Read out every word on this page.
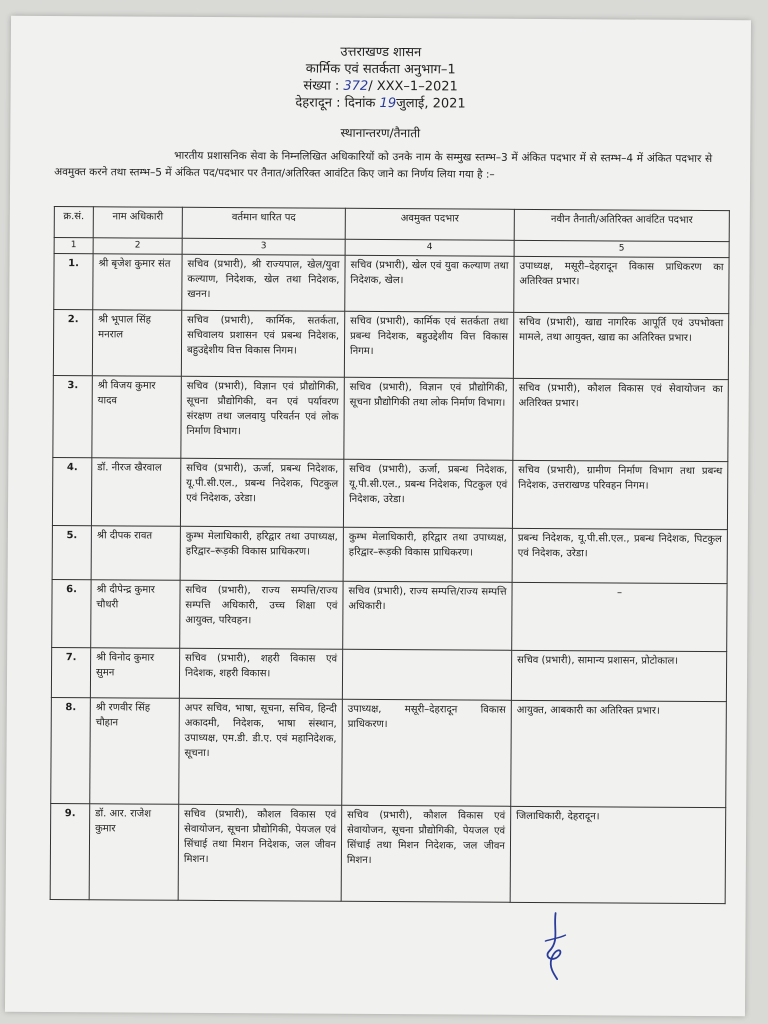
उत्तराखण्ड शासन
कार्मिक एवं सतर्कता अनुभाग–1
संख्या : 372/ XXX–1–2021
देहरादून : दिनांक 19जुलाई, 2021
स्थानान्तरण/तैनाती

भारतीय प्रशासनिक सेवा के निम्नलिखित अधिकारियों को उनके नाम के सम्मुख स्तम्भ–3 में अंकित पदभार में से स्तम्भ–4 में अंकित पदभार से अवमुक्त करने तथा स्तम्भ–5 में अंकित पद/पदभार पर तैनात/अतिरिक्त आवंटित किए जाने का निर्णय लिया गया है :–

क्र.सं.	नाम अधिकारी	वर्तमान धारित पद	अवमुक्त पदभार	नवीन तैनाती/अतिरिक्त आवंटित पदभार
1	2	3	4	5
1.	श्री बृजेश कुमार संत	सचिव (प्रभारी), श्री राज्यपाल, खेल/युवा कल्याण, निदेशक, खेल तथा निदेशक, खनन।	सचिव (प्रभारी), खेल एवं युवा कल्याण तथा निदेशक, खेल।	उपाध्यक्ष, मसूरी–देहरादून विकास प्राधिकरण का अतिरिक्त प्रभार।
2.	श्री भूपाल सिंह मनराल	सचिव (प्रभारी), कार्मिक, सतर्कता, सचिवालय प्रशासन एवं प्रबन्ध निदेशक, बहुउद्देशीय वित्त विकास निगम।	सचिव (प्रभारी), कार्मिक एवं सतर्कता तथा प्रबन्ध निदेशक, बहुउद्देशीय वित्त विकास निगम।	सचिव (प्रभारी), खाद्य नागरिक आपूर्ति एवं उपभोक्ता मामले, तथा आयुक्त, खाद्य का अतिरिक्त प्रभार।
3.	श्री विजय कुमार यादव	सचिव (प्रभारी), विज्ञान एवं प्रौद्योगिकी, सूचना प्रौद्योगिकी, वन एवं पर्यावरण संरक्षण तथा जलवायु परिवर्तन एवं लोक निर्माण विभाग।	सचिव (प्रभारी), विज्ञान एवं प्रौद्योगिकी, सूचना प्रौद्योगिकी तथा लोक निर्माण विभाग।	सचिव (प्रभारी), कौशल विकास एवं सेवायोजन का अतिरिक्त प्रभार।
4.	डॉ. नीरज खैरवाल	सचिव (प्रभारी), ऊर्जा, प्रबन्ध निदेशक, यू.पी.सी.एल., प्रबन्ध निदेशक, पिटकुल एवं निदेशक, उरेडा।	सचिव (प्रभारी), ऊर्जा, प्रबन्ध निदेशक, यू.पी.सी.एल., प्रबन्ध निदेशक, पिटकुल एवं निदेशक, उरेडा।	सचिव (प्रभारी), ग्रामीण निर्माण विभाग तथा प्रबन्ध निदेशक, उत्तराखण्ड परिवहन निगम।
5.	श्री दीपक रावत	कुम्भ मेलाधिकारी, हरिद्वार तथा उपाध्यक्ष, हरिद्वार–रूड़की विकास प्राधिकरण।	कुम्भ मेलाधिकारी, हरिद्वार तथा उपाध्यक्ष, हरिद्वार–रूड़की विकास प्राधिकरण।	प्रबन्ध निदेशक, यू.पी.सी.एल., प्रबन्ध निदेशक, पिटकुल एवं निदेशक, उरेडा।
6.	श्री दीपेन्द्र कुमार चौधरी	सचिव (प्रभारी), राज्य सम्पत्ति/राज्य सम्पत्ति अधिकारी, उच्च शिक्षा एवं आयुक्त, परिवहन।	सचिव (प्रभारी), राज्य सम्पत्ति/राज्य सम्पत्ति अधिकारी।	–
7.	श्री विनोद कुमार सुमन	सचिव (प्रभारी), शहरी विकास एवं निदेशक, शहरी विकास।		सचिव (प्रभारी), सामान्य प्रशासन, प्रोटोकाल।
8.	श्री रणवीर सिंह चौहान	अपर सचिव, भाषा, सूचना, सचिव, हिन्दी अकादमी, निदेशक, भाषा संस्थान, उपाध्यक्ष, एम.डी. डी.ए. एवं महानिदेशक, सूचना।	उपाध्यक्ष, मसूरी–देहरादून विकास प्राधिकरण।	आयुक्त, आबकारी का अतिरिक्त प्रभार।
9.	डॉ. आर. राजेश कुमार	सचिव (प्रभारी), कौशल विकास एवं सेवायोजन, सूचना प्रौद्योगिकी, पेयजल एवं सिंचाई तथा मिशन निदेशक, जल जीवन मिशन।	सचिव (प्रभारी), कौशल विकास एवं सेवायोजन, सूचना प्रौद्योगिकी, पेयजल एवं सिंचाई तथा मिशन निदेशक, जल जीवन मिशन।	जिलाधिकारी, देहरादून।
